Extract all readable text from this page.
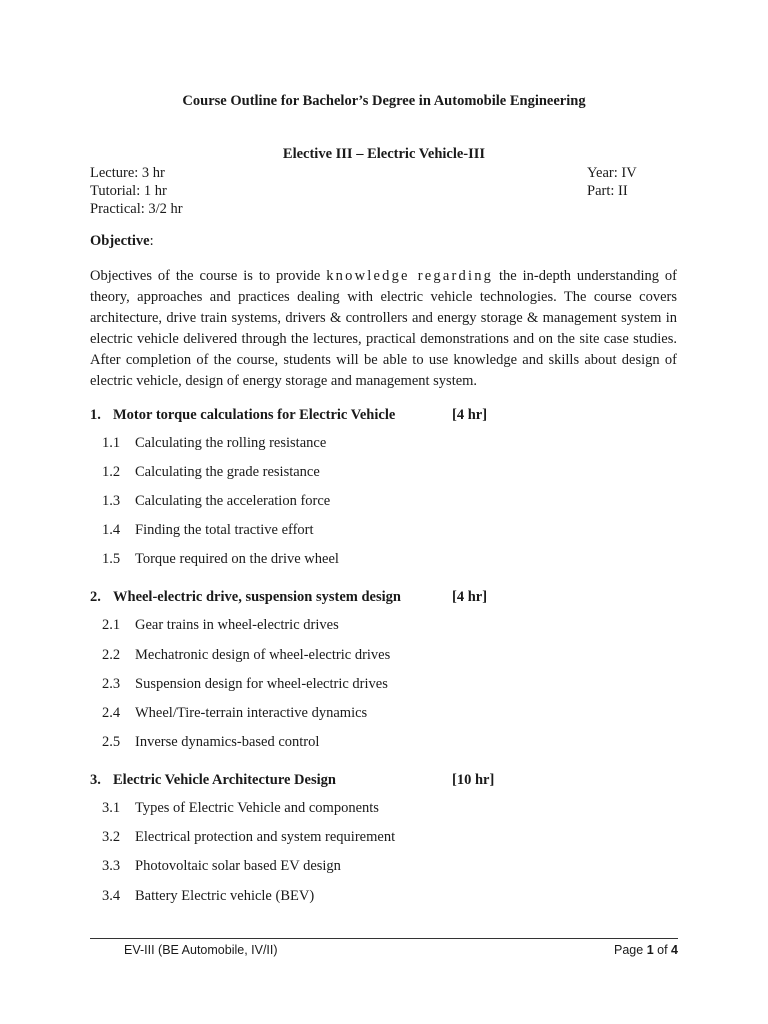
Course Outline for Bachelor’s Degree in Automobile Engineering
Elective III – Electric Vehicle-III
Lecture: 3 hr
Tutorial: 1 hr
Practical: 3/2 hr
Year: IV
Part: II
Objective:
Objectives of the course is to provide knowledge regarding the in-depth understanding of theory, approaches and practices dealing with electric vehicle technologies. The course covers architecture, drive train systems, drivers & controllers and energy storage & management system in electric vehicle delivered through the lectures, practical demonstrations and on the site case studies. After completion of the course, students will be able to use knowledge and skills about design of electric vehicle, design of energy storage and management system.
1. Motor torque calculations for Electric Vehicle	[4 hr]
1.1 Calculating the rolling resistance
1.2 Calculating the grade resistance
1.3 Calculating the acceleration force
1.4 Finding the total tractive effort
1.5 Torque required on the drive wheel
2. Wheel-electric drive, suspension system design	[4 hr]
2.1 Gear trains in wheel-electric drives
2.2 Mechatronic design of wheel-electric drives
2.3 Suspension design for wheel-electric drives
2.4 Wheel/Tire-terrain interactive dynamics
2.5 Inverse dynamics-based control
3. Electric Vehicle Architecture Design	[10 hr]
3.1 Types of Electric Vehicle and components
3.2 Electrical protection and system requirement
3.3 Photovoltaic solar based EV design
3.4 Battery Electric vehicle (BEV)
EV-III (BE Automobile, IV/II)	Page 1 of 4
